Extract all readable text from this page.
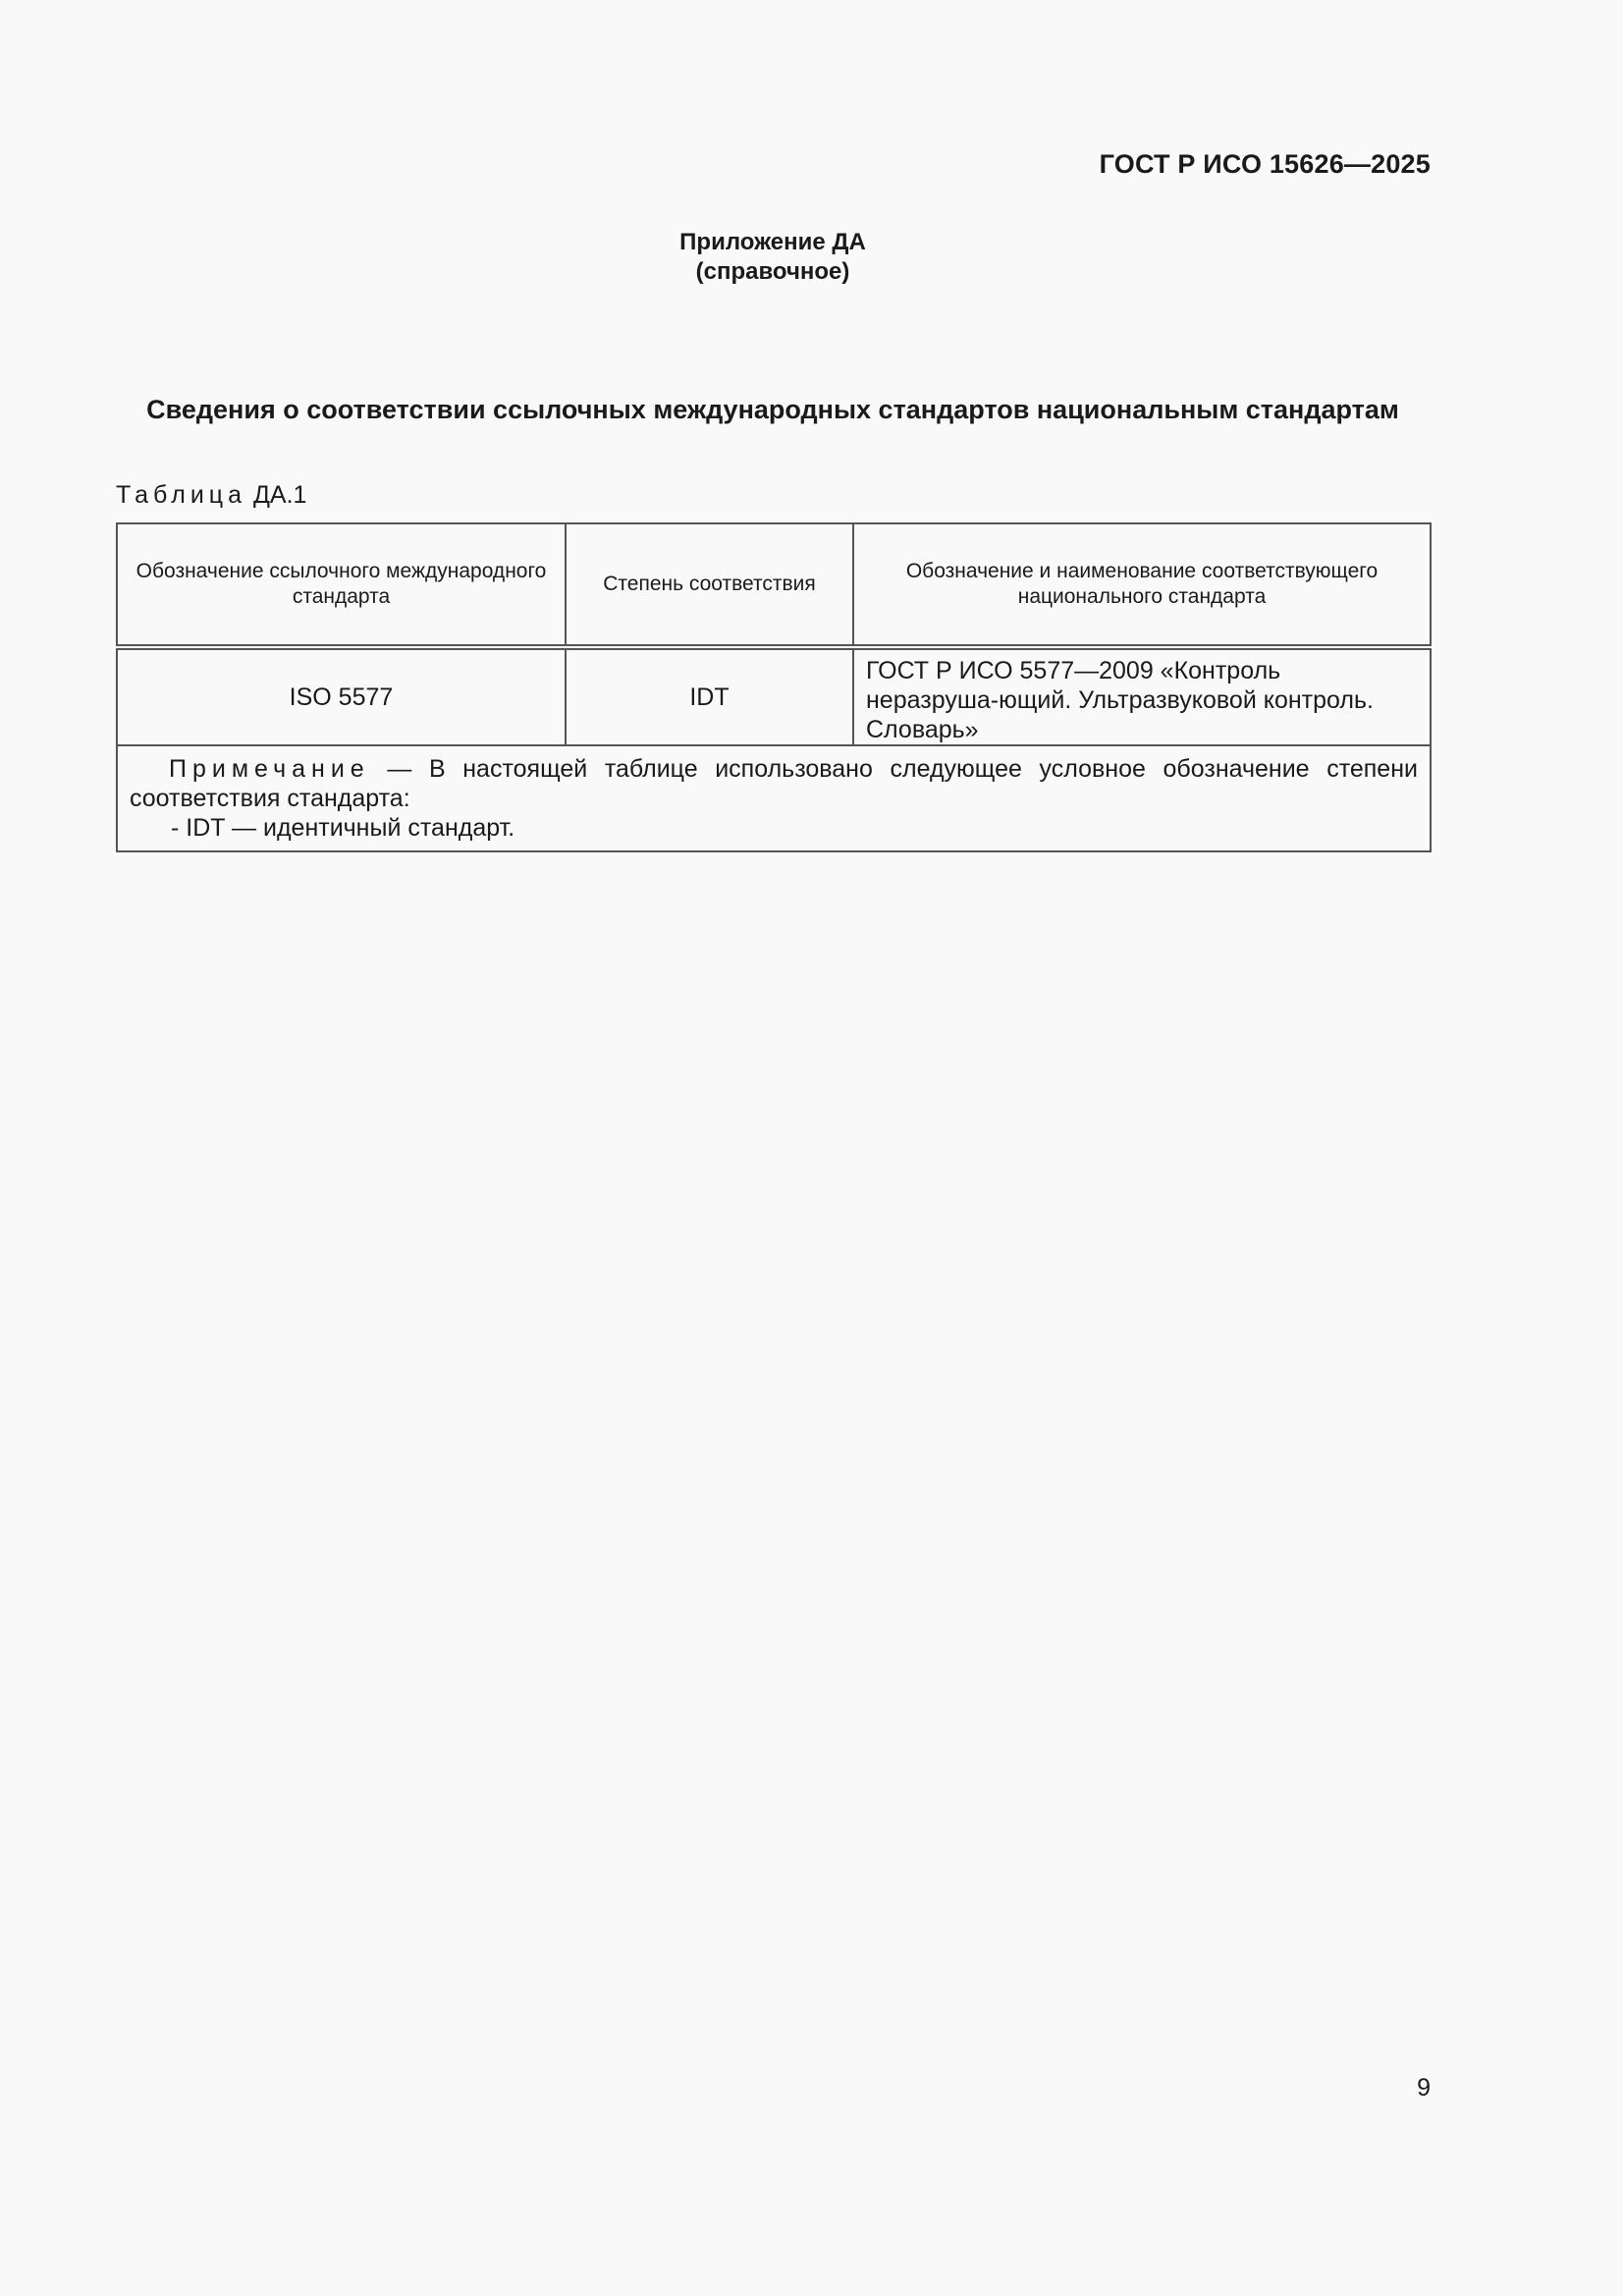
ГОСТ Р ИСО 15626—2025
Приложение ДА
(справочное)
Сведения о соответствии ссылочных международных стандартов национальным стандартам
Таблица ДА.1
Обозначение ссылочного международного стандарта	Степень соответствия	Обозначение и наименование соответствующего национального стандарта
ISO 5577	IDT	ГОСТ Р ИСО 5577—2009 «Контроль неразруша-ющий. Ультразвуковой контроль. Словарь»

Примечание — В настоящей таблице использовано следующее условное обозначение степени соответствия стандарта:
- IDT — идентичный стандарт.		
9
